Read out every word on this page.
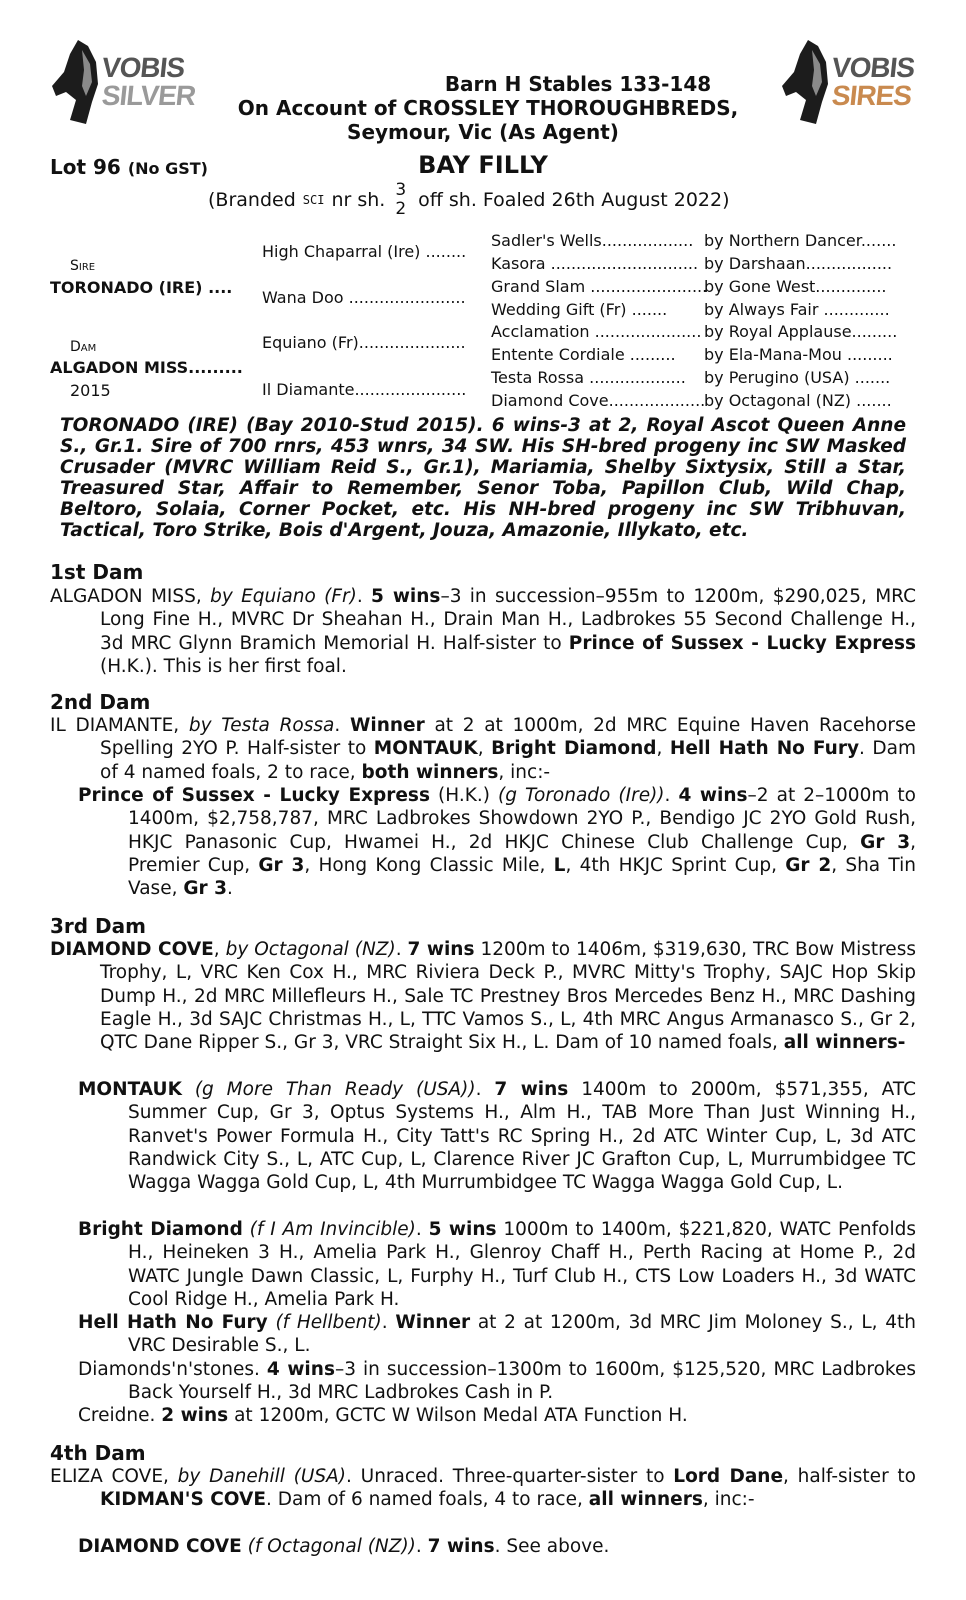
VOBIS
SILVER
VOBIS
SIRES
Barn H Stables 133-148
On Account of CROSSLEY THOROUGHBREDS,
Seymour, Vic (As Agent)
Lot 96 (No GST)	BAY FILLY
(Branded SCI nr sh. 3
2 off sh. Foaled 26th August 2022)
Sire
TORONADO (IRE) ....
Dam
ALGADON MISS.........
2015
High Chaparral (Ire) ........
Wana Doo .......................
Equiano (Fr).....................
Il Diamante......................
Sadler's Wells..................
Kasora .............................
Grand Slam .......................
Wedding Gift (Fr) .......
Acclamation .....................
Entente Cordiale .........
Testa Rossa ...................
Diamond Cove...................
by Northern Dancer.......
by Darshaan.................
by Gone West..............
by Always Fair .............
by Royal Applause.........
by Ela-Mana-Mou .........
by Perugino (USA) .......
by Octagonal (NZ) .......
TORONADO (IRE) (Bay 2010-Stud 2015). 6 wins-3 at 2, Royal Ascot Queen Anne S., Gr.1. Sire of 700 rnrs, 453 wnrs, 34 SW. His SH-bred progeny inc SW Masked Crusader (MVRC William Reid S., Gr.1), Mariamia, Shelby Sixtysix, Still a Star, Treasured Star, Affair to Remember, Senor Toba, Papillon Club, Wild Chap, Beltoro, Solaia, Corner Pocket, etc. His NH-bred progeny inc SW Tribhuvan, Tactical, Toro Strike, Bois d'Argent, Jouza, Amazonie, Illykato, etc.
1st Dam
ALGADON MISS, by Equiano (Fr). 5 wins–3 in succession–955m to 1200m, $290,025, MRC Long Fine H., MVRC Dr Sheahan H., Drain Man H., Ladbrokes 55 Second Challenge H., 3d MRC Glynn Bramich Memorial H. Half-sister to Prince of Sussex - Lucky Express (H.K.). This is her first foal.
2nd Dam
IL DIAMANTE, by Testa Rossa. Winner at 2 at 1000m, 2d MRC Equine Haven Racehorse Spelling 2YO P. Half-sister to MONTAUK, Bright Diamond, Hell Hath No Fury. Dam of 4 named foals, 2 to race, both winners, inc:-
Prince of Sussex - Lucky Express (H.K.) (g Toronado (Ire)). 4 wins–2 at 2–1000m to 1400m, $2,758,787, MRC Ladbrokes Showdown 2YO P., Bendigo JC 2YO Gold Rush, HKJC Panasonic Cup, Hwamei H., 2d HKJC Chinese Club Challenge Cup, Gr 3, Premier Cup, Gr 3, Hong Kong Classic Mile, L, 4th HKJC Sprint Cup, Gr 2, Sha Tin Vase, Gr 3.
3rd Dam
DIAMOND COVE, by Octagonal (NZ). 7 wins 1200m to 1406m, $319,630, TRC Bow Mistress Trophy, L, VRC Ken Cox H., MRC Riviera Deck P., MVRC Mitty's Trophy, SAJC Hop Skip Dump H., 2d MRC Millefleurs H., Sale TC Prestney Bros Mercedes Benz H., MRC Dashing Eagle H., 3d SAJC Christmas H., L, TTC Vamos S., L, 4th MRC Angus Armanasco S., Gr 2, QTC Dane Ripper S., Gr 3, VRC Straight Six H., L. Dam of 10 named foals, all winners-
MONTAUK (g More Than Ready (USA)). 7 wins 1400m to 2000m, $571,355, ATC Summer Cup, Gr 3, Optus Systems H., Alm H., TAB More Than Just Winning H., Ranvet's Power Formula H., City Tatt's RC Spring H., 2d ATC Winter Cup, L, 3d ATC Randwick City S., L, ATC Cup, L, Clarence River JC Grafton Cup, L, Murrumbidgee TC Wagga Wagga Gold Cup, L, 4th Murrumbidgee TC Wagga Wagga Gold Cup, L.
Bright Diamond (f I Am Invincible). 5 wins 1000m to 1400m, $221,820, WATC Penfolds H., Heineken 3 H., Amelia Park H., Glenroy Chaff H., Perth Racing at Home P., 2d WATC Jungle Dawn Classic, L, Furphy H., Turf Club H., CTS Low Loaders H., 3d WATC Cool Ridge H., Amelia Park H.
Hell Hath No Fury (f Hellbent). Winner at 2 at 1200m, 3d MRC Jim Moloney S., L, 4th VRC Desirable S., L.
Diamonds'n'stones. 4 wins–3 in succession–1300m to 1600m, $125,520, MRC Ladbrokes Back Yourself H., 3d MRC Ladbrokes Cash in P.
Creidne. 2 wins at 1200m, GCTC W Wilson Medal ATA Function H.
4th Dam
ELIZA COVE, by Danehill (USA). Unraced. Three-quarter-sister to Lord Dane, half-sister to KIDMAN'S COVE. Dam of 6 named foals, 4 to race, all winners, inc:-
DIAMOND COVE (f Octagonal (NZ)). 7 wins. See above.
